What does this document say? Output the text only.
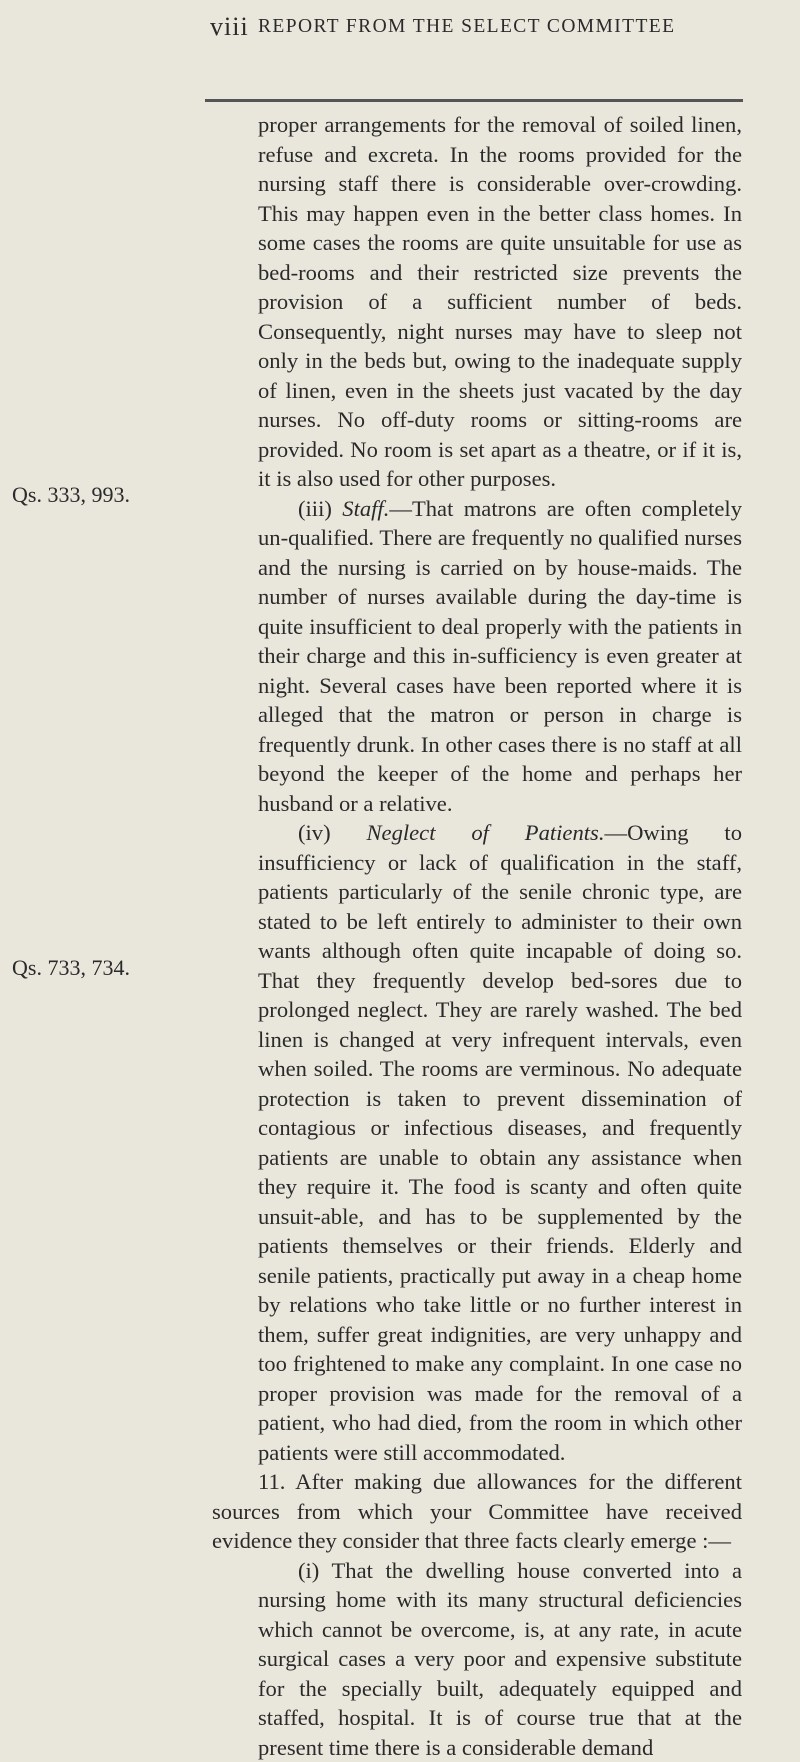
viii REPORT FROM THE SELECT COMMITTEE
Qs. 333, 993.
Qs. 733, 734.

proper arrangements for the removal of soiled linen, refuse and excreta. In the rooms provided for the nursing staff there is considerable over-crowding. This may happen even in the better class homes. In some cases the rooms are quite unsuitable for use as bed-rooms and their restricted size prevents the provision of a sufficient number of beds. Consequently, night nurses may have to sleep not only in the beds but, owing to the inadequate supply of linen, even in the sheets just vacated by the day nurses. No off-duty rooms or sitting-rooms are provided. No room is set apart as a theatre, or if it is, it is also used for other purposes.

(iii) Staff.—That matrons are often completely un-qualified. There are frequently no qualified nurses and the nursing is carried on by house-maids. The number of nurses available during the day-time is quite insufficient to deal properly with the patients in their charge and this in-sufficiency is even greater at night. Several cases have been reported where it is alleged that the matron or person in charge is frequently drunk. In other cases there is no staff at all beyond the keeper of the home and perhaps her husband or a relative.

(iv) Neglect of Patients.—Owing to insufficiency or lack of qualification in the staff, patients particularly of the senile chronic type, are stated to be left entirely to administer to their own wants although often quite incapable of doing so. That they frequently develop bed-sores due to prolonged neglect. They are rarely washed. The bed linen is changed at very infrequent intervals, even when soiled. The rooms are verminous. No adequate protection is taken to prevent dissemination of contagious or infectious diseases, and frequently patients are unable to obtain any assistance when they require it. The food is scanty and often quite unsuit-able, and has to be supplemented by the patients themselves or their friends. Elderly and senile patients, practically put away in a cheap home by relations who take little or no further interest in them, suffer great indignities, are very unhappy and too frightened to make any complaint. In one case no proper provision was made for the removal of a patient, who had died, from the room in which other patients were still accommodated.

11. After making due allowances for the different sources from which your Committee have received evidence they consider that three facts clearly emerge :—

(i) That the dwelling house converted into a nursing home with its many structural deficiencies which cannot be overcome, is, at any rate, in acute surgical cases a very poor and expensive substitute for the specially built, adequately equipped and staffed, hospital. It is of course true that at the present time there is a considerable demand
